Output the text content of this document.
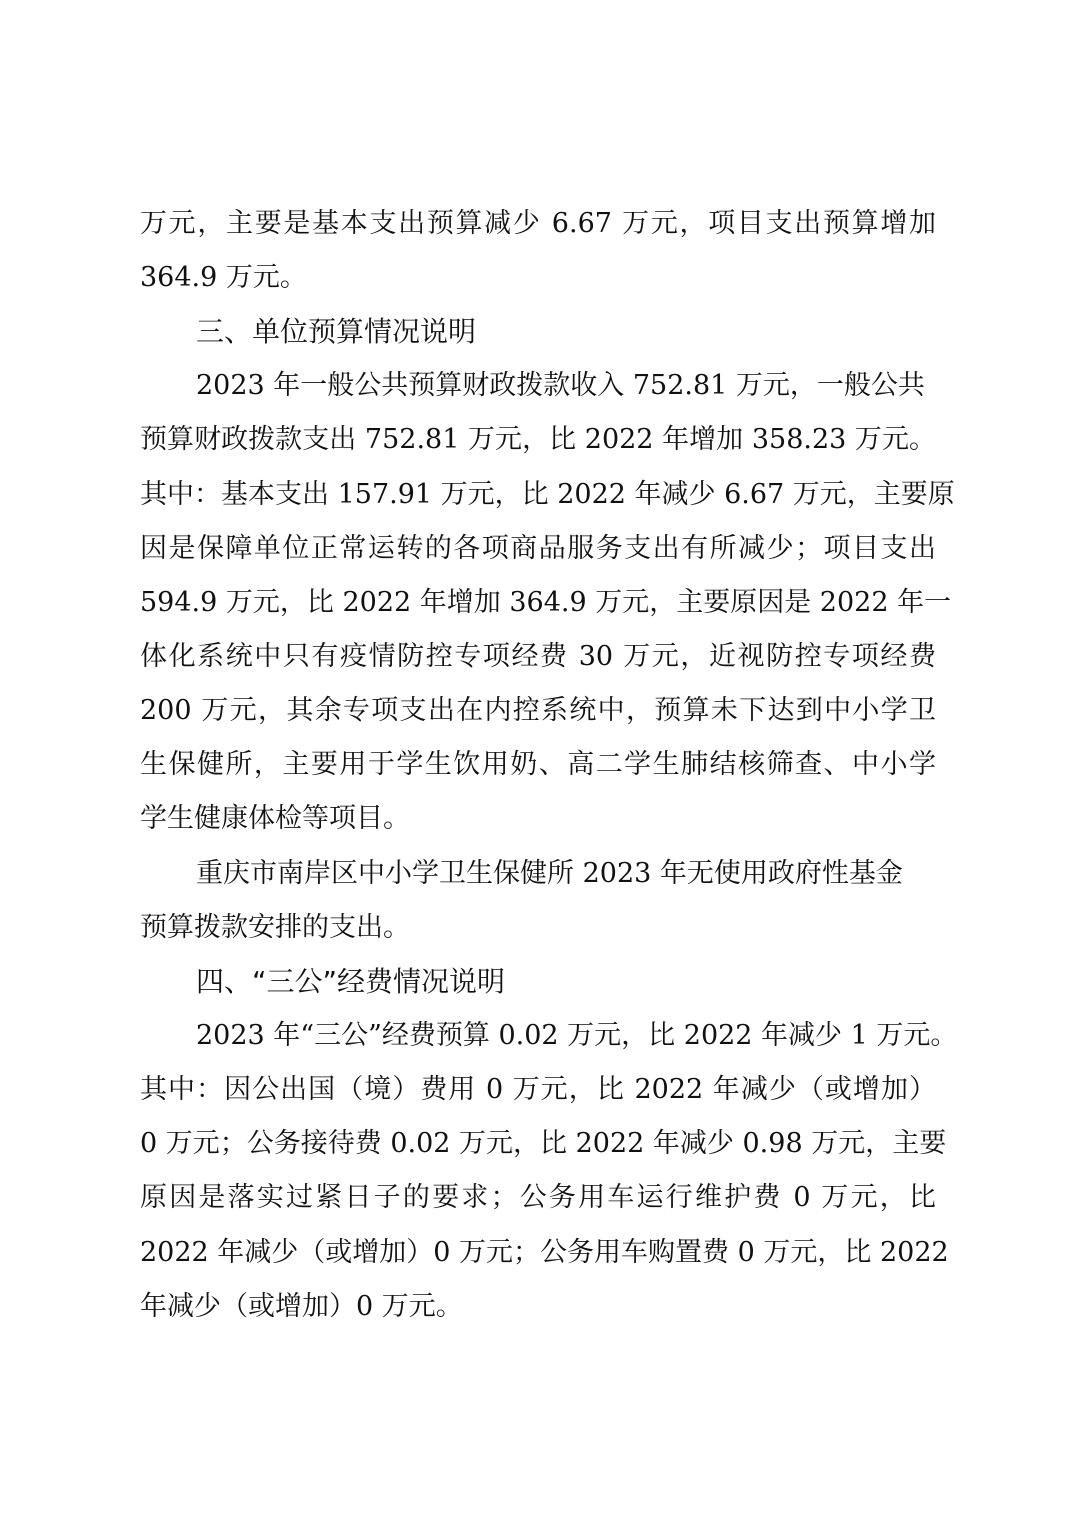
万元，主要是基本支出预算减少 6.67 万元，项目支出预算增加
364.9 万元。
三、单位预算情况说明
2023 年一般公共预算财政拨款收入 752.81 万元，一般公共
预算财政拨款支出 752.81 万元，比 2022 年增加 358.23 万元。
其中：基本支出 157.91 万元，比 2022 年减少 6.67 万元，主要原
因是保障单位正常运转的各项商品服务支出有所减少；项目支出
594.9 万元，比 2022 年增加 364.9 万元，主要原因是 2022 年一
体化系统中只有疫情防控专项经费 30 万元，近视防控专项经费
200 万元，其余专项支出在内控系统中，预算未下达到中小学卫
生保健所，主要用于学生饮用奶、高二学生肺结核筛查、中小学
学生健康体检等项目。
重庆市南岸区中小学卫生保健所 2023 年无使用政府性基金
预算拨款安排的支出。
四、“三公”经费情况说明
2023 年“三公”经费预算 0.02 万元，比 2022 年减少 1 万元。
其中：因公出国（境）费用 0 万元，比 2022 年减少（或增加）
0 万元；公务接待费 0.02 万元，比 2022 年减少 0.98 万元，主要
原因是落实过紧日子的要求；公务用车运行维护费 0 万元，比
2022 年减少（或增加）0 万元；公务用车购置费 0 万元，比 2022
年减少（或增加）0 万元。
